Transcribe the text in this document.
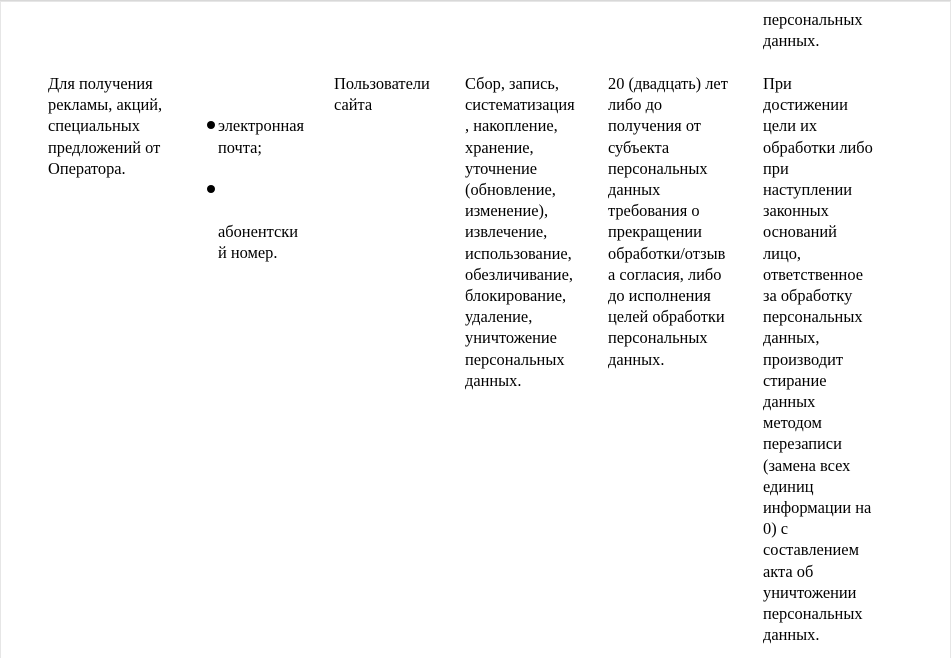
персональных
данных.
Для получения
рекламы, акций,
специальных
предложений от
Оператора.

электронная
почта;

абонентски
й номер.

Пользователи
сайта
Сбор, запись,
систематизация
, накопление,
хранение,
уточнение
(обновление,
изменение),
извлечение,
использование,
обезличивание,
блокирование,
удаление,
уничтожение
персональных
данных.
20 (двадцать) лет
либо до
получения от
субъекта
персональных
данных
требования о
прекращении
обработки/отзыв
а согласия, либо
до исполнения
целей обработки
персональных
данных.
При
достижении
цели их
обработки либо
при
наступлении
законных
оснований
лицо,
ответственное
за обработку
персональных
данных,
производит
стирание
данных
методом
перезаписи
(замена всех
единиц
информации на
0) с
составлением
акта об
уничтожении
персональных
данных.
